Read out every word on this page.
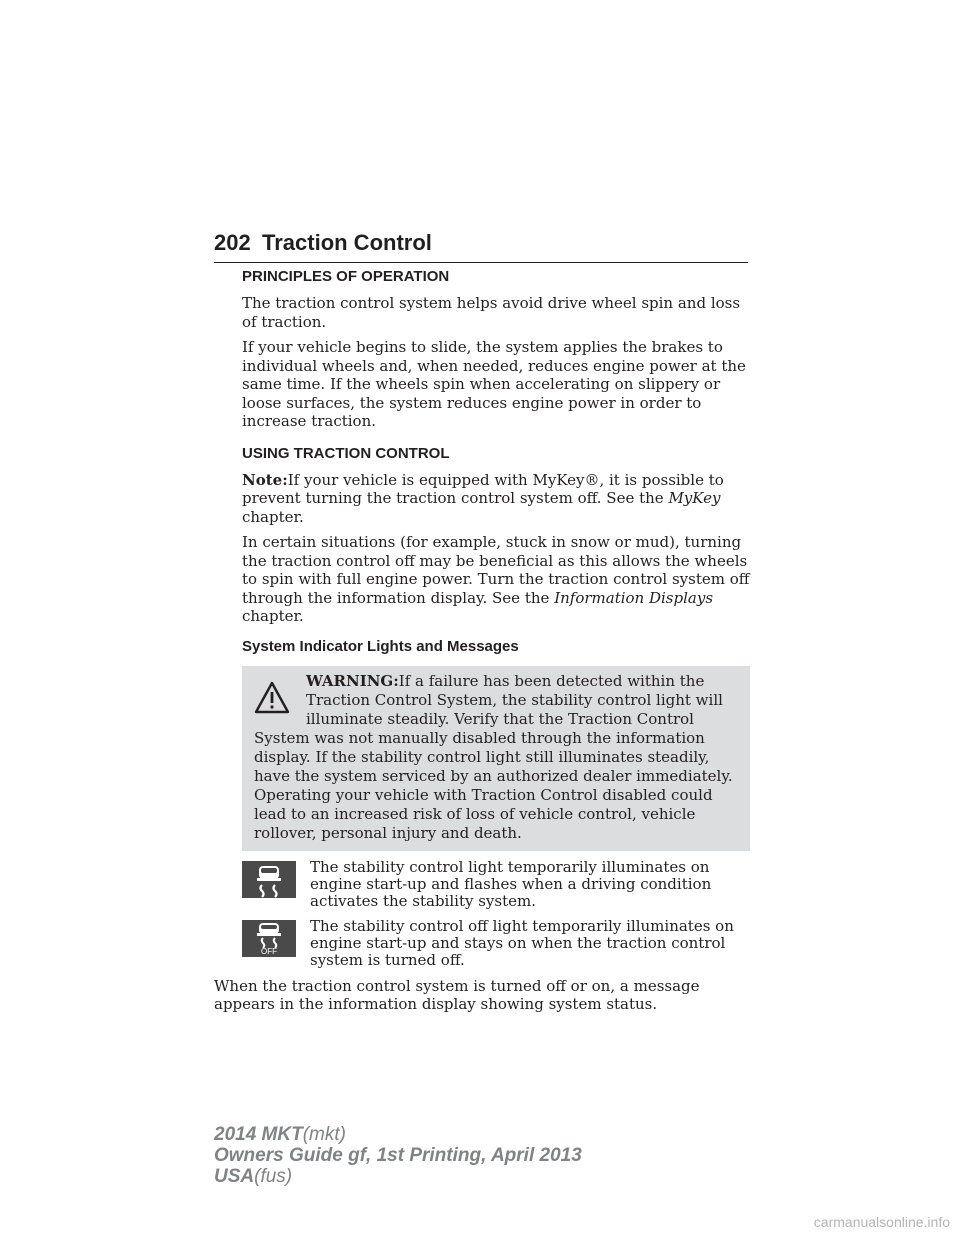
202 Traction Control
PRINCIPLES OF OPERATION

The traction control system helps avoid drive wheel spin and loss of traction.

If your vehicle begins to slide, the system applies the brakes to individual wheels and, when needed, reduces engine power at the same time. If the wheels spin when accelerating on slippery or loose surfaces, the system reduces engine power in order to increase traction.

USING TRACTION CONTROL

Note:If your vehicle is equipped with MyKey®, it is possible to prevent turning the traction control system off. See the MyKey chapter.

In certain situations (for example, stuck in snow or mud), turning the traction control off may be beneficial as this allows the wheels to spin with full engine power. Turn the traction control system off through the information display. See the Information Displays chapter.

System Indicator Lights and Messages

WARNING:If a failure has been detected within the Traction Control System, the stability control light will illuminate steadily. Verify that the Traction Control System was not manually disabled through the information display. If the stability control light still illuminates steadily, have the system serviced by an authorized dealer immediately. Operating your vehicle with Traction Control disabled could lead to an increased risk of loss of vehicle control, vehicle rollover, personal injury and death.

The stability control light temporarily illuminates on engine start-up and flashes when a driving condition activates the stability system.

OFF

The stability control off light temporarily illuminates on engine start-up and stays on when the traction control system is turned off.

When the traction control system is turned off or on, a message appears in the information display showing system status.

2014 MKT(mkt)
Owners Guide gf, 1st Printing, April 2013
USA(fus)
carmanualsonline.info
